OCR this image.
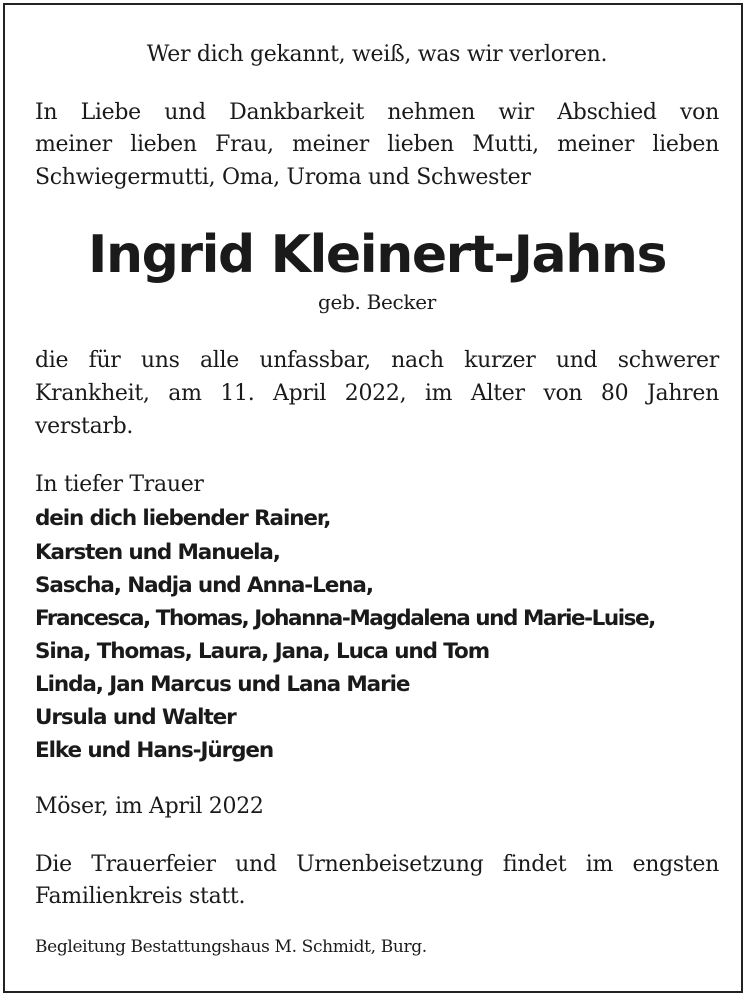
Wer dich gekannt, weiß, was wir verloren.

In Liebe und Dankbarkeit nehmen wir Abschied von

meiner lieben Frau, meiner lieben Mutti, meiner lieben

Schwiegermutti, Oma, Uroma und Schwester

Ingrid Kleinert-Jahns

geb. Becker

die für uns alle unfassbar, nach kurzer und schwerer

Krankheit, am 11. April 2022, im Alter von 80 Jahren

verstarb.

In tiefer Trauer

dein dich liebender Rainer,

Karsten und Manuela,

Sascha, Nadja und Anna-Lena,

Francesca, Thomas, Johanna-Magdalena und Marie-Luise,

Sina, Thomas, Laura, Jana, Luca und Tom

Linda, Jan Marcus und Lana Marie

Ursula und Walter

Elke und Hans-Jürgen

Möser, im April 2022

Die Trauerfeier und Urnenbeisetzung findet im engsten

Familienkreis statt.

Begleitung Bestattungshaus M. Schmidt, Burg.
